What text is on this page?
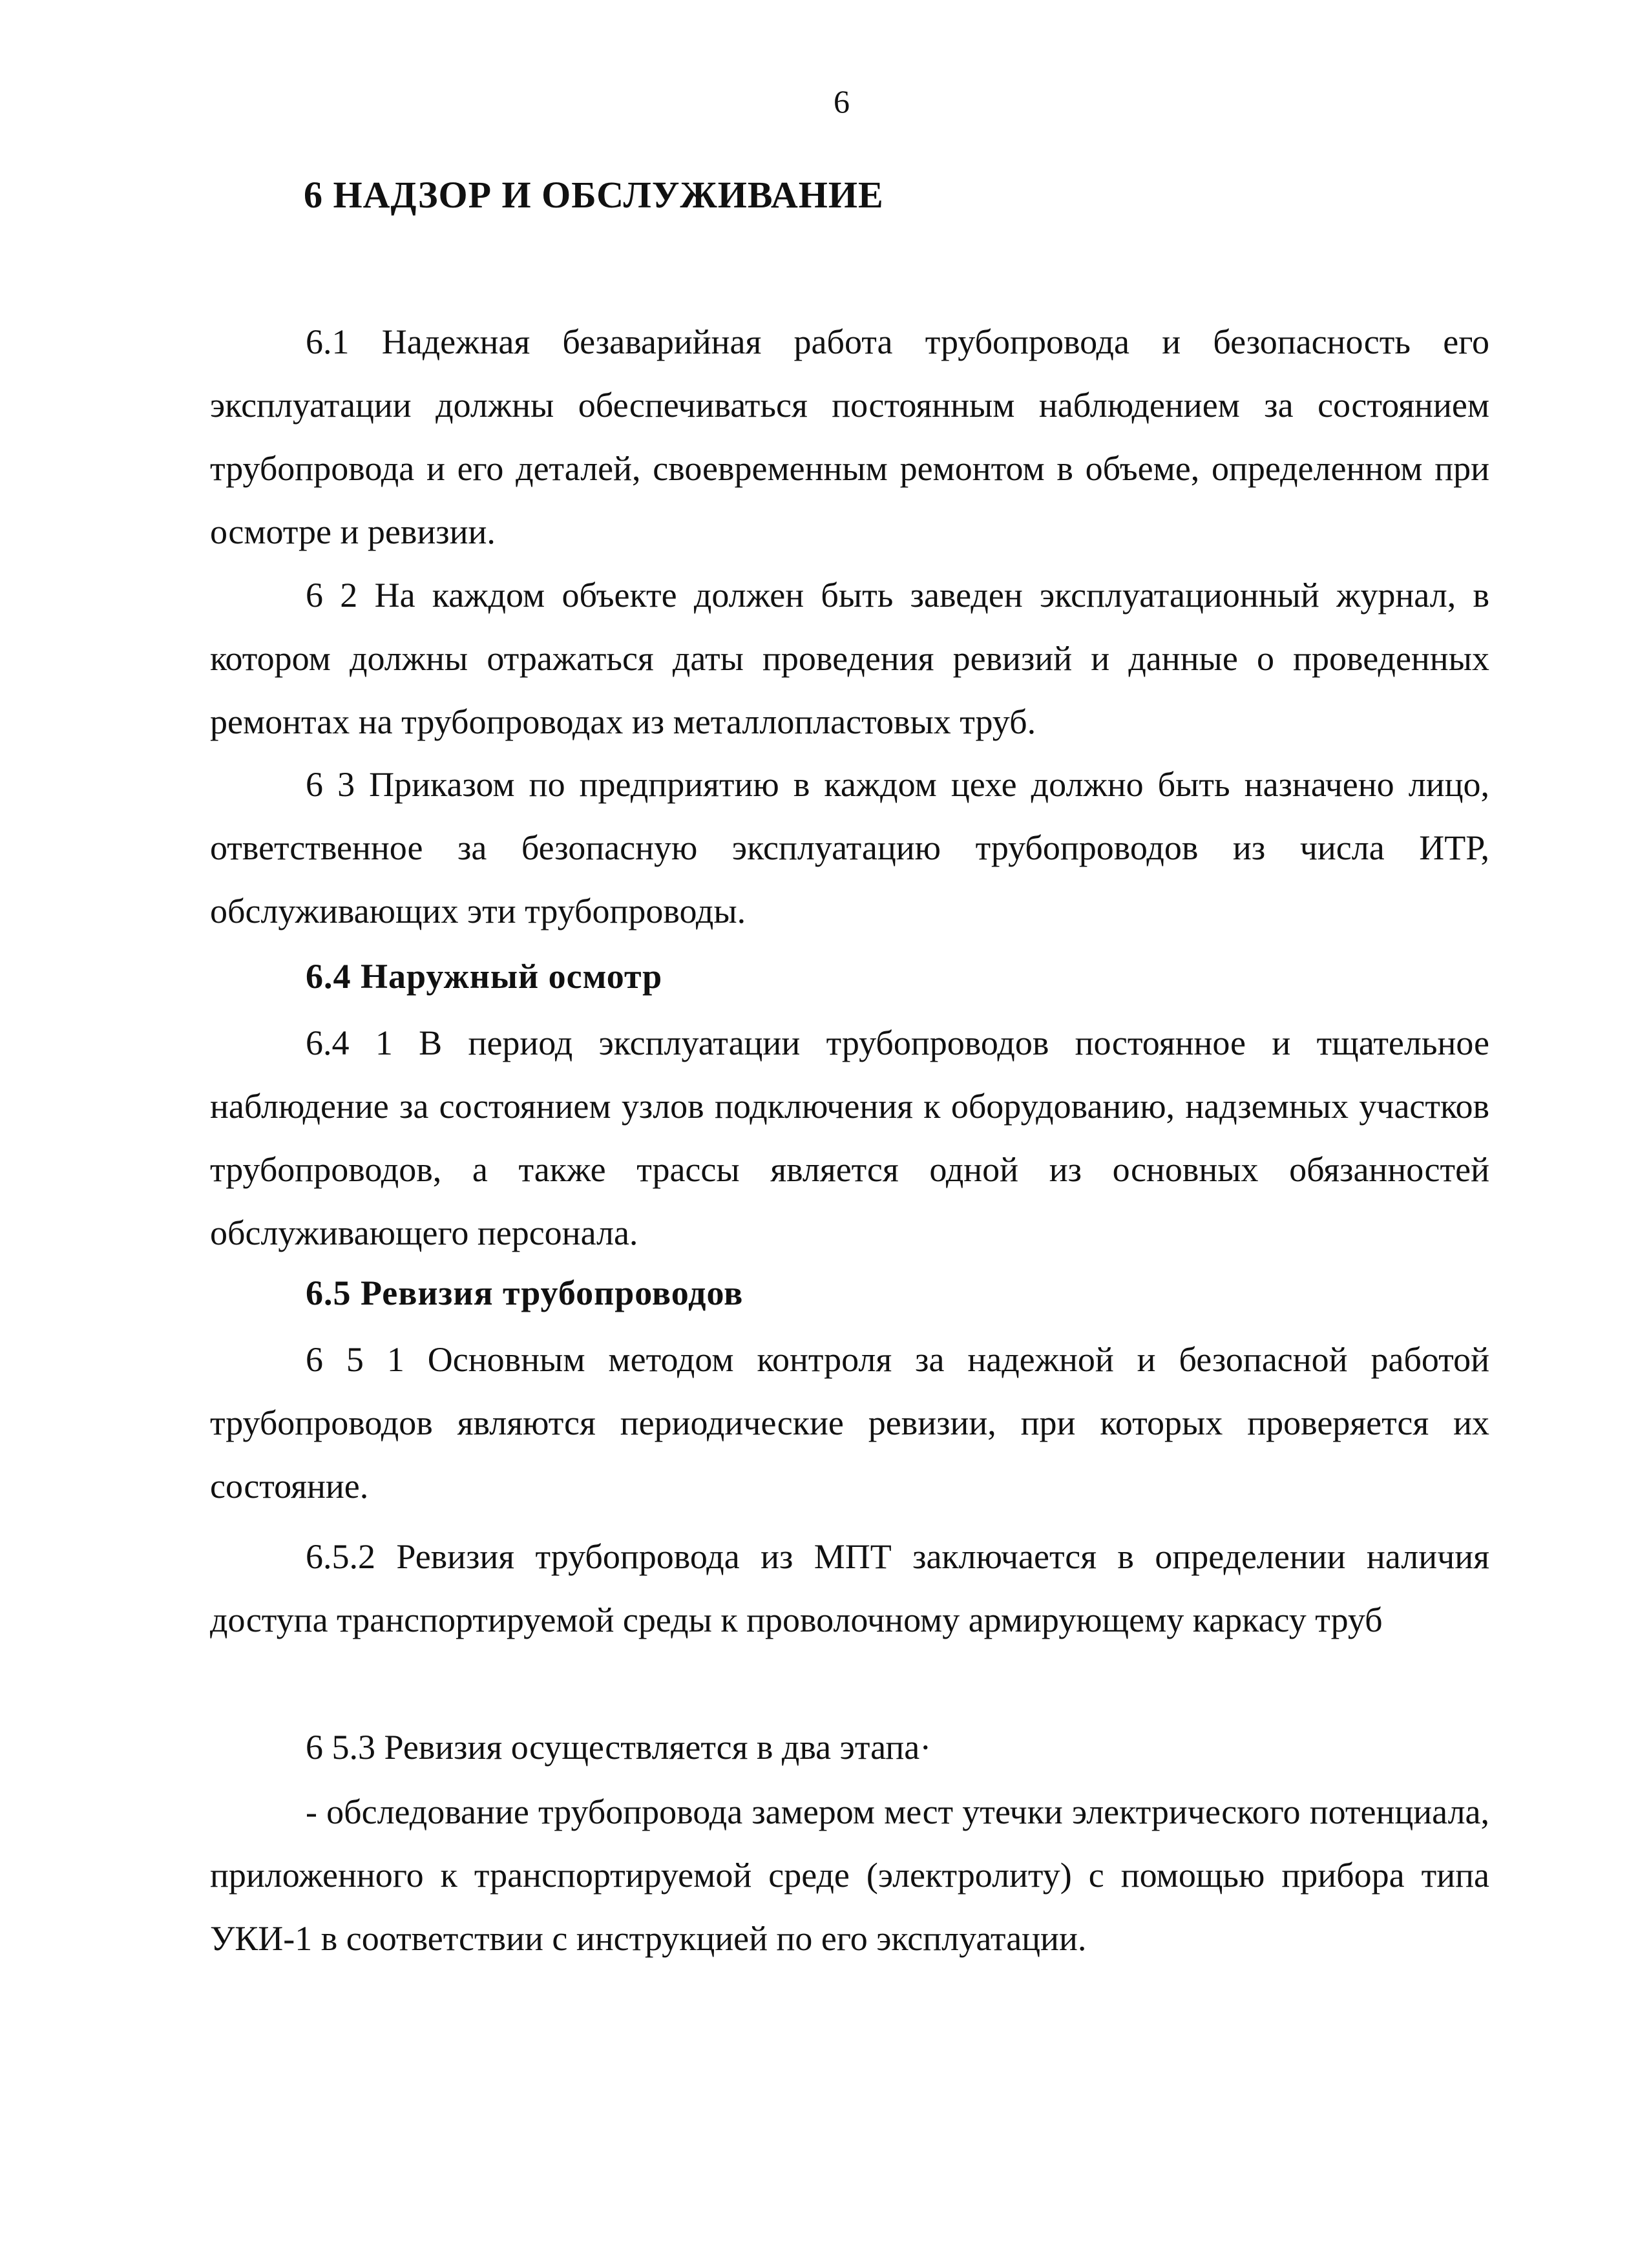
6
6 НАДЗОР И ОБСЛУЖИВАНИЕ
6.1 Надежная безаварийная работа трубопровода и безопасность его эксплуатации должны обеспечиваться постоянным наблюдением за состоянием трубопровода и его деталей, своевременным ремонтом в объеме, определенном при осмотре и ревизии.
6 2 На каждом объекте должен быть заведен эксплуатационный журнал, в котором должны отражаться даты проведения ревизий и данные о проведенных ремонтах на трубопроводах из металлопластовых труб.
6 3 Приказом по предприятию в каждом цехе должно быть назначено лицо, ответственное за безопасную эксплуатацию трубопроводов из числа ИТР, обслуживающих эти трубопроводы.
6.4 Наружный осмотр
6.4 1 В период эксплуатации трубопроводов постоянное и тщательное наблюдение за состоянием узлов подключения к оборудованию, надземных участков трубопроводов, а также трассы является одной из основных обязанностей обслуживающего персонала.
6.5 Ревизия трубопроводов
6 5 1 Основным методом контроля за надежной и безопасной работой трубопроводов являются периодические ревизии, при которых проверяется их состояние.
6.5.2 Ревизия трубопровода из МПТ заключается в определении наличия доступа транспортируемой среды к проволочному армирующему каркасу труб
6 5.3 Ревизия осуществляется в два этапа·
- обследование трубопровода замером мест утечки электрического потенциала, приложенного к транспортируемой среде (электролиту) с помощью прибора типа УКИ-1 в соответствии с инструкцией по его эксплуатации.
